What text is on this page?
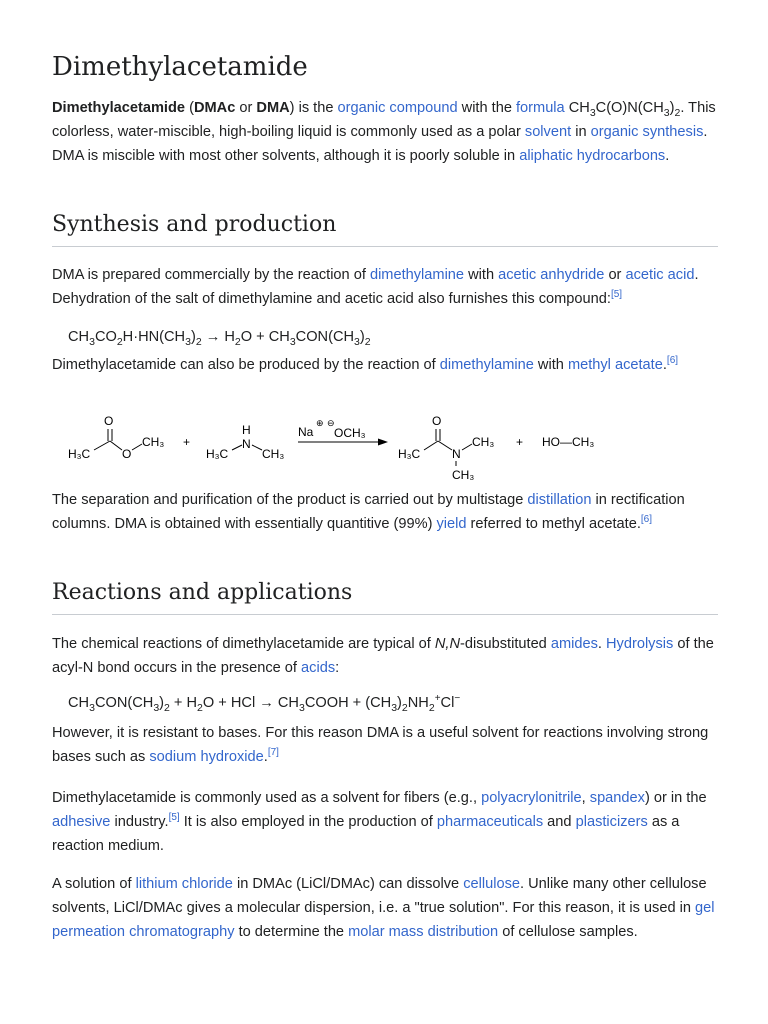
Dimethylacetamide

Dimethylacetamide (DMAc or DMA) is the organic compound with the formula $CH_3C(O)N(CH_3)_2$. This colorless, water-miscible, high-boiling liquid is commonly used as a polar solvent in organic synthesis. DMA is miscible with most other solvents, although it is poorly soluble in aliphatic hydrocarbons.

Synthesis and production

DMA is prepared commercially by the reaction of dimethylamine with acetic anhydride or acetic acid. Dehydration of the salt of dimethylamine and acetic acid also furnishes this compound:[5]

$CH_3CO_2H\cdot HN(CH_3)_2 \to H_2O + CH_3CON(CH_3)_2$

Dimethylacetamide can also be produced by the reaction of dimethylamine with methyl acetate.[6]

O
H₃C	O
CH₃ +
H
H₃C
N
CH₃
Na
⊕ ⊖
OCH₃
O
H₃C	N
CH₃
CH₃
+ HO—CH₃

The separation and purification of the product is carried out by multistage distillation in rectification columns. DMA is obtained with essentially quantitive (99%) yield referred to methyl acetate.[6]

Reactions and applications

The chemical reactions of dimethylacetamide are typical of N,N-disubstituted amides. Hydrolysis of the acyl-N bond occurs in the presence of acids:

$CH_3CON(CH_3)_2 + H_2O$ + HCl → $CH_3COOH + (CH_3)_2NH_2^+Cl^-$

However, it is resistant to bases. For this reason DMA is a useful solvent for reactions involving strong bases such as sodium hydroxide.[7]

Dimethylacetamide is commonly used as a solvent for fibers (e.g., polyacrylonitrile, spandex) or in the adhesive industry.[5] It is also employed in the production of pharmaceuticals and plasticizers as a reaction medium.

A solution of lithium chloride in DMAc (LiCl/DMAc) can dissolve cellulose. Unlike many other cellulose solvents, LiCl/DMAc gives a molecular dispersion, i.e. a "true solution". For this reason, it is used in gel permeation chromatography to determine the molar mass distribution of cellulose samples.
